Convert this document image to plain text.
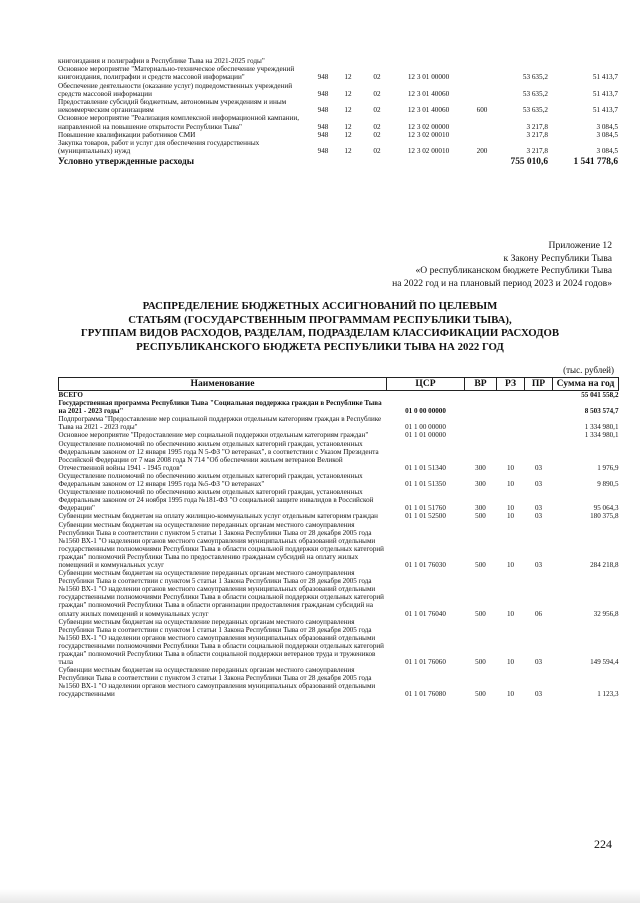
книгоиздания и полиграфии в Республике Тыва на 2021-2025 годы"							
Основное мероприятие "Материально-техническое обеспечение учреждений книгоиздания, полиграфии и средств массовой информации"	948	12	02	12 3 01 00000		53 635,2	51 413,7
Обеспечение деятельности (оказание услуг) подведомственных учреждений средств массовой информации	948	12	02	12 3 01 40060		53 635,2	51 413,7
Предоставление субсидий бюджетным, автономным учреждениям и иным некоммерческим организациям	948	12	02	12 3 01 40060	600	53 635,2	51 413,7
Основное мероприятие "Реализация комплексной информационной кампании, направленной на повышение открытости Республики Тыва"	948	12	02	12 3 02 00000		3 217,8	3 084,5
Повышение квалификации работников СМИ	948	12	02	12 3 02 00010		3 217,8	3 084,5
Закупка товаров, работ и услуг для обеспечения государственных (муниципальных) нужд	948	12	02	12 3 02 00010	200	3 217,8	3 084,5
Условно утвержденные расходы						755 010,6	1 541 778,6
Приложение 12
к Закону Республики Тыва
«О республиканском бюджете Республики Тыва
на 2022 год и на плановый период 2023 и 2024 годов»
РАСПРЕДЕЛЕНИЕ БЮДЖЕТНЫХ АССИГНОВАНИЙ ПО ЦЕЛЕВЫМ
СТАТЬЯМ (ГОСУДАРСТВЕННЫМ ПРОГРАММАМ РЕСПУБЛИКИ ТЫВА),
ГРУППАМ ВИДОВ РАСХОДОВ, РАЗДЕЛАМ, ПОДРАЗДЕЛАМ КЛАССИФИКАЦИИ РАСХОДОВ
РЕСПУБЛИКАНСКОГО БЮДЖЕТА РЕСПУБЛИКИ ТЫВА НА 2022 ГОД
(тыс. рублей)
Наименование	ЦСР	ВР	РЗ	ПР	Сумма на год
ВСЕГО					55 041 558,2
Государственная программа Республики Тыва "Социальная поддержка граждан в Республике Тыва на 2021 - 2023 годы"	01 0 00 00000				8 503 574,7
Подпрограмма "Предоставление мер социальной поддержки отдельным категориям граждан в Республике Тыва на 2021 - 2023 годы"	01 1 00 00000				1 334 980,1
Основное мероприятие "Предоставление мер социальной поддержки отдельным категориям граждан"	01 1 01 00000				1 334 980,1
Осуществление полномочий по обеспечению жильем отдельных категорий граждан, установленных Федеральным законом от 12 января 1995 года N 5-ФЗ "О ветеранах", в соответствии с Указом Президента Российской Федерации от 7 мая 2008 года N 714 "Об обеспечении жильем ветеранов Великой Отечественной войны 1941 - 1945 годов"	01 1 01 51340	300	10	03	1 976,9
Осуществление полномочий по обеспечению жильем отдельных категорий граждан, установленных Федеральным законом от 12 января 1995 года №5-ФЗ "О ветеранах"	01 1 01 51350	300	10	03	9 890,5
Осуществление полномочий по обеспечению жильем отдельных категорий граждан, установленных Федеральным законом от 24 ноября 1995 года №181-ФЗ "О социальной защите инвалидов в Российской Федерации"	01 1 01 51760	300	10	03	95 064,3
Субвенции местным бюджетам на оплату жилищно-коммунальных услуг отдельным категориям граждан	01 1 01 52500	500	10	03	180 375,8
Субвенции местным бюджетам на осуществление переданных органам местного самоуправления Республики Тыва в соответствии с пунктом 5 статьи 1 Закона Республики Тыва от 28 декабря 2005 года №1560 ВХ-1 "О наделении органов местного самоуправления муниципальных образований отдельными государственными полномочиями Республики Тыва в области социальной поддержки отдельных категорий граждан" полномочий Республики Тыва по предоставлению гражданам субсидий на оплату жилых помещений и коммунальных услуг	01 1 01 76030	500	10	03	284 218,8
Субвенции местным бюджетам на осуществление переданных органам местного самоуправления Республики Тыва в соответствии с пунктом 5 статьи 1 Закона Республики Тыва от 28 декабря 2005 года №1560 ВХ-1 "О наделении органов местного самоуправления муниципальных образований отдельными государственными полномочиями Республики Тыва в области социальной поддержки отдельных категорий граждан" полномочий Республики Тыва в области организации предоставления гражданам субсидий на оплату жилых помещений и коммунальных услуг	01 1 01 76040	500	10	06	32 956,8
Субвенции местным бюджетам на осуществление переданных органам местного самоуправления Республики Тыва в соответствии с пунктом 1 статьи 1 Закона Республики Тыва от 28 декабря 2005 года №1560 ВХ-1 "О наделении органов местного самоуправления муниципальных образований отдельными государственными полномочиями Республики Тыва в области социальной поддержки отдельных категорий граждан" полномочий Республики Тыва в области социальной поддержки ветеранов труда и тружеников тыла	01 1 01 76060	500	10	03	149 594,4
Субвенции местным бюджетам на осуществление переданных органам местного самоуправления Республики Тыва в соответствии с пунктом 3 статьи 1 Закона Республики Тыва от 28 декабря 2005 года №1560 ВХ-1 "О наделении органов местного самоуправления муниципальных образований отдельными государственными	01 1 01 76080	500	10	03	1 123,3
224
